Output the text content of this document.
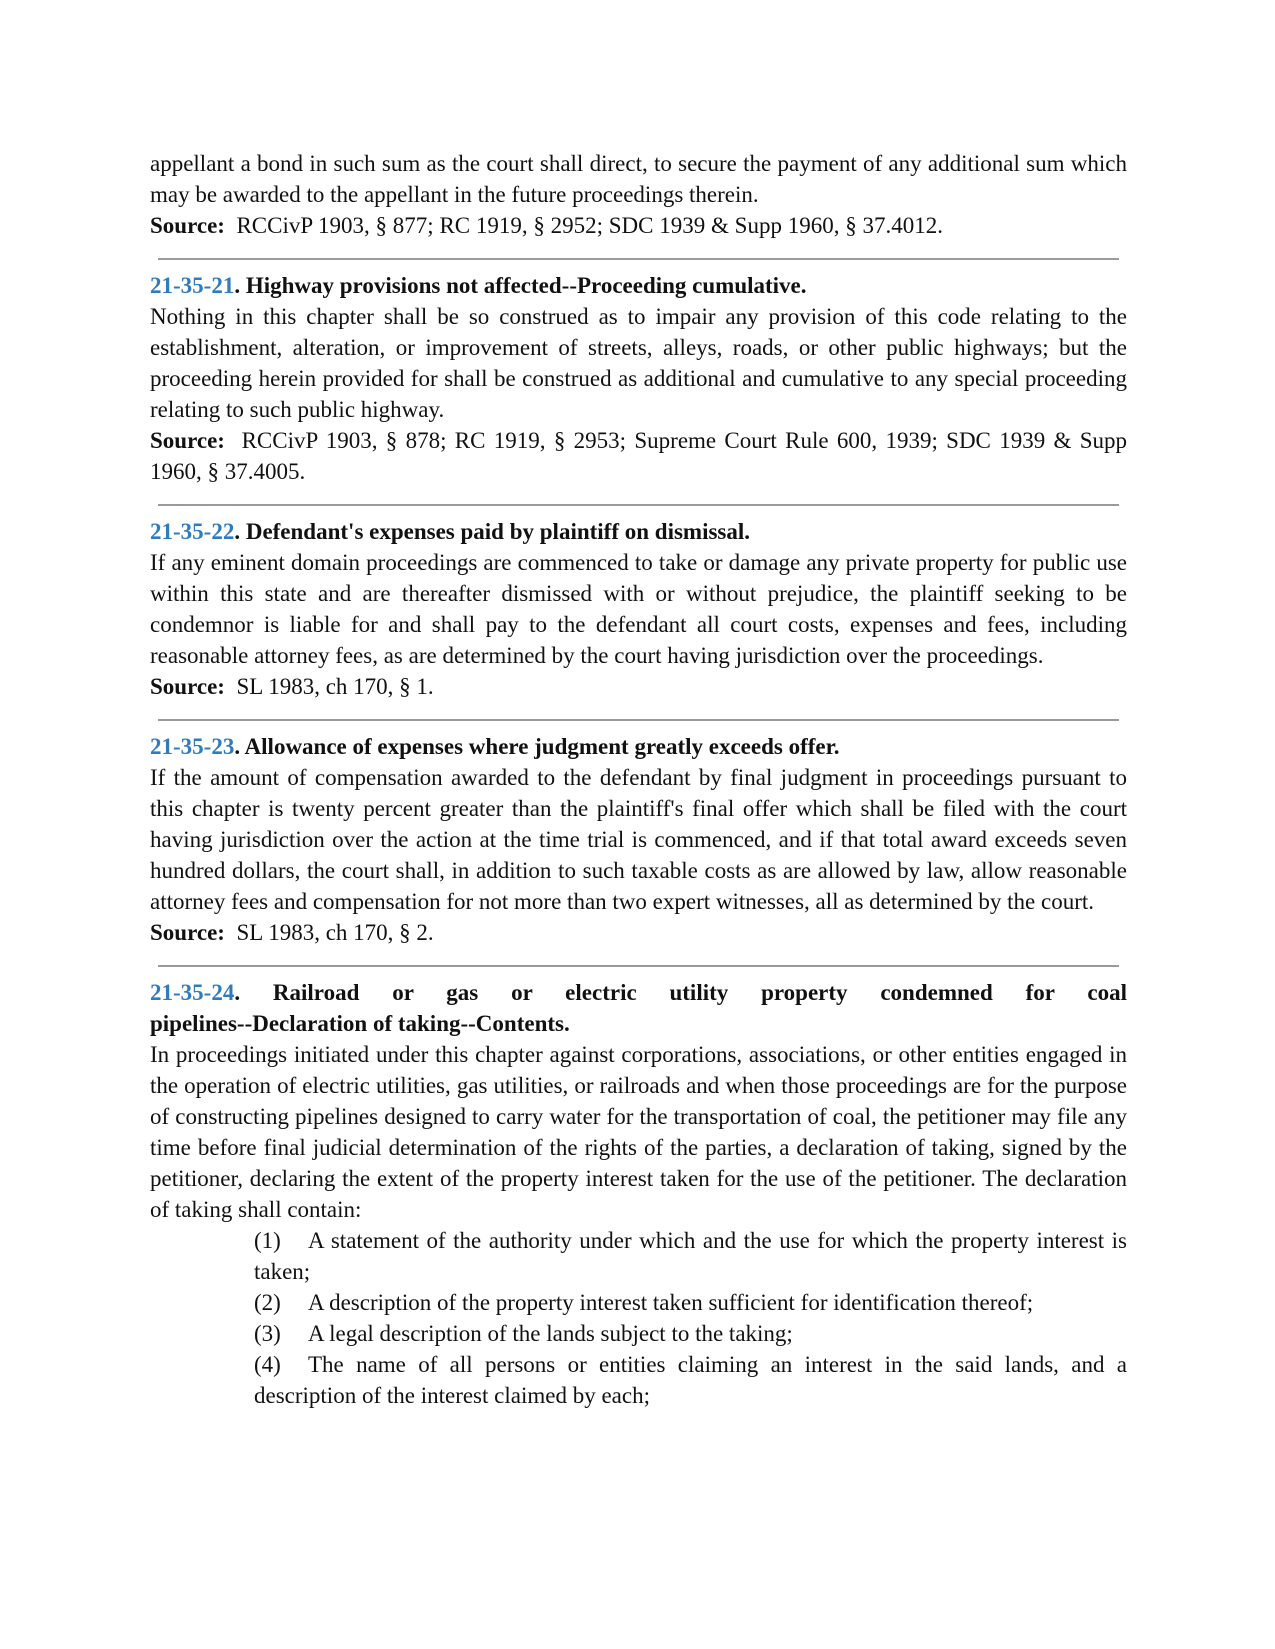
appellant a bond in such sum as the court shall direct, to secure the payment of any additional sum which may be awarded to the appellant in the future proceedings therein.

Source: RCCivP 1903, § 877; RC 1919, § 2952; SDC 1939 & Supp 1960, § 37.4012.

21-35-21. Highway provisions not affected--Proceeding cumulative.

Nothing in this chapter shall be so construed as to impair any provision of this code relating to the establishment, alteration, or improvement of streets, alleys, roads, or other public highways; but the proceeding herein provided for shall be construed as additional and cumulative to any special proceeding relating to such public highway.

Source: RCCivP 1903, § 878; RC 1919, § 2953; Supreme Court Rule 600, 1939; SDC 1939 & Supp 1960, § 37.4005.

21-35-22. Defendant's expenses paid by plaintiff on dismissal.

If any eminent domain proceedings are commenced to take or damage any private property for public use within this state and are thereafter dismissed with or without prejudice, the plaintiff seeking to be condemnor is liable for and shall pay to the defendant all court costs, expenses and fees, including reasonable attorney fees, as are determined by the court having jurisdiction over the proceedings.

Source: SL 1983, ch 170, § 1.

21-35-23. Allowance of expenses where judgment greatly exceeds offer.

If the amount of compensation awarded to the defendant by final judgment in proceedings pursuant to this chapter is twenty percent greater than the plaintiff's final offer which shall be filed with the court having jurisdiction over the action at the time trial is commenced, and if that total award exceeds seven hundred dollars, the court shall, in addition to such taxable costs as are allowed by law, allow reasonable attorney fees and compensation for not more than two expert witnesses, all as determined by the court.

Source: SL 1983, ch 170, § 2.

21-35-24. Railroad or gas or electric utility property condemned for coal

pipelines--Declaration of taking--Contents.

In proceedings initiated under this chapter against corporations, associations, or other entities engaged in the operation of electric utilities, gas utilities, or railroads and when those proceedings are for the purpose of constructing pipelines designed to carry water for the transportation of coal, the petitioner may file any time before final judicial determination of the rights of the parties, a declaration of taking, signed by the petitioner, declaring the extent of the property interest taken for the use of the petitioner. The declaration of taking shall contain:

(1) A statement of the authority under which and the use for which the property interest is taken;
(2) A description of the property interest taken sufficient for identification thereof;
(3) A legal description of the lands subject to the taking;
(4) The name of all persons or entities claiming an interest in the said lands, and a description of the interest claimed by each;
